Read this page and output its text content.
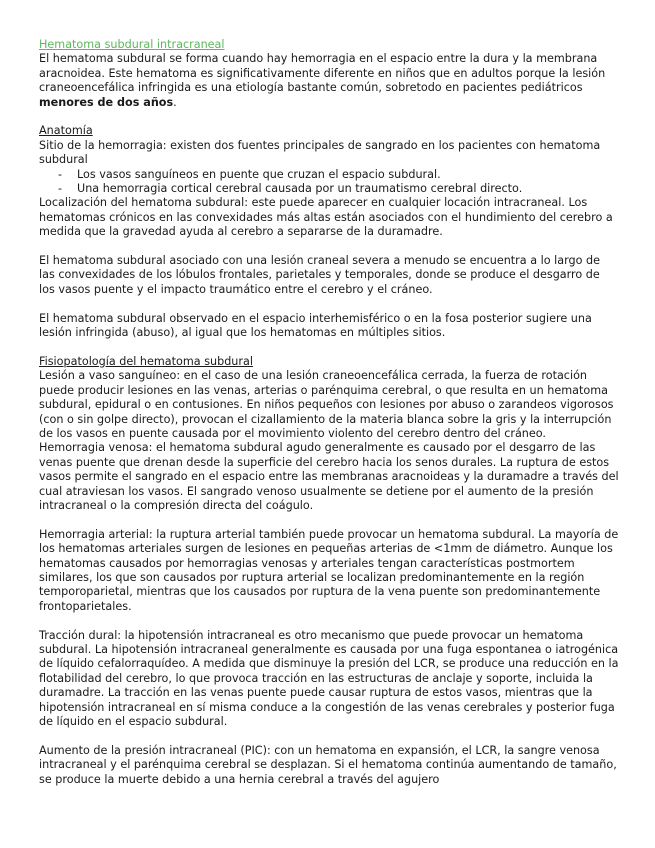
Hematoma subdural intracraneal

El hematoma subdural se forma cuando hay hemorragia en el espacio entre la dura y la membrana aracnoidea. Este hematoma es significativamente diferente en niños que en adultos porque la lesión craneoencefálica infringida es una etiología bastante común, sobretodo en pacientes pediátricos menores de dos años.

Anatomía

Sitio de la hemorragia: existen dos fuentes principales de sangrado en los pacientes con hematoma subdural

- Los vasos sanguíneos en puente que cruzan el espacio subdural.
- Una hemorragia cortical cerebral causada por un traumatismo cerebral directo.

Localización del hematoma subdural: este puede aparecer en cualquier locación intracraneal. Los hematomas crónicos en las convexidades más altas están asociados con el hundimiento del cerebro a medida que la gravedad ayuda al cerebro a separarse de la duramadre.

El hematoma subdural asociado con una lesión craneal severa a menudo se encuentra a lo largo de las convexidades de los lóbulos frontales, parietales y temporales, donde se produce el desgarro de los vasos puente y el impacto traumático entre el cerebro y el cráneo.

El hematoma subdural observado en el espacio interhemisférico o en la fosa posterior sugiere una lesión infringida (abuso), al igual que los hematomas en múltiples sitios.

Fisiopatología del hematoma subdural

Lesión a vaso sanguíneo: en el caso de una lesión craneoencefálica cerrada, la fuerza de rotación puede producir lesiones en las venas, arterias o parénquima cerebral, o que resulta en un hematoma subdural, epidural o en contusiones. En niños pequeños con lesiones por abuso o zarandeos vigorosos (con o sin golpe directo), provocan el cizallamiento de la materia blanca sobre la gris y la interrupción de los vasos en puente causada por el movimiento violento del cerebro dentro del cráneo.

Hemorragia venosa: el hematoma subdural agudo generalmente es causado por el desgarro de las venas puente que drenan desde la superficie del cerebro hacia los senos durales. La ruptura de estos vasos permite el sangrado en el espacio entre las membranas aracnoideas y la duramadre a través del cual atraviesan los vasos. El sangrado venoso usualmente se detiene por el aumento de la presión intracraneal o la compresión directa del coágulo.

Hemorragia arterial: la ruptura arterial también puede provocar un hematoma subdural. La mayoría de los hematomas arteriales surgen de lesiones en pequeñas arterias de <1mm de diámetro. Aunque los hematomas causados por hemorragias venosas y arteriales tengan características postmortem similares, los que son causados por ruptura arterial se localizan predominantemente en la región temporoparietal, mientras que los causados por ruptura de la vena puente son predominantemente frontoparietales.

Tracción dural: la hipotensión intracraneal es otro mecanismo que puede provocar un hematoma subdural. La hipotensión intracraneal generalmente es causada por una fuga espontanea o iatrogénica de líquido cefalorraquídeo. A medida que disminuye la presión del LCR, se produce una reducción en la flotabilidad del cerebro, lo que provoca tracción en las estructuras de anclaje y soporte, incluida la duramadre. La tracción en las venas puente puede causar ruptura de estos vasos, mientras que la hipotensión intracraneal en sí misma conduce a la congestión de las venas cerebrales y posterior fuga de líquido en el espacio subdural.

Aumento de la presión intracraneal (PIC): con un hematoma en expansión, el LCR, la sangre venosa intracraneal y el parénquima cerebral se desplazan. Si el hematoma continúa aumentando de tamaño, se produce la muerte debido a una hernia cerebral a través del agujero
